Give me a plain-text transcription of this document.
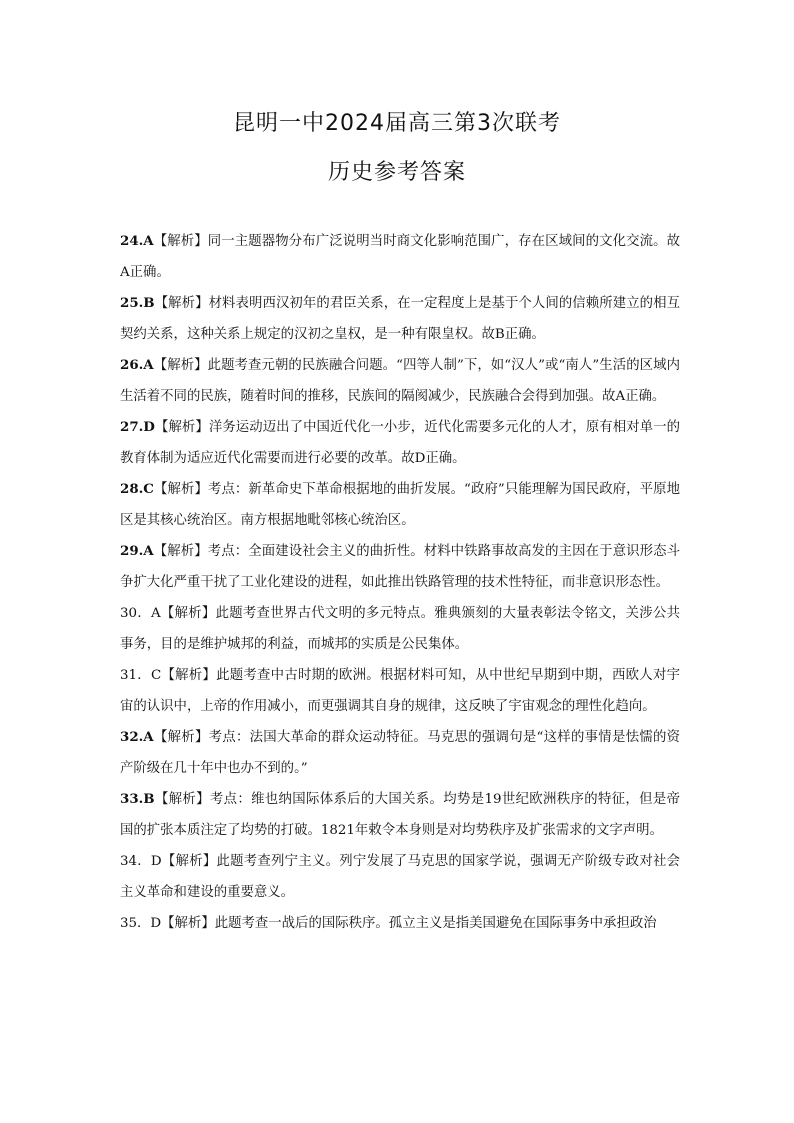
昆明一中2024届高三第3次联考
历史参考答案

24.A【解析】同一主题器物分布广泛说明当时商文化影响范围广，存在区域间的文化交流。故A正确。

25.B【解析】材料表明西汉初年的君臣关系，在一定程度上是基于个人间的信赖所建立的相互契约关系，这种关系上规定的汉初之皇权，是一种有限皇权。故B正确。

26.A【解析】此题考查元朝的民族融合问题。“四等人制”下，如“汉人”或“南人”生活的区域内生活着不同的民族，随着时间的推移，民族间的隔阂减少，民族融合会得到加强。故A正确。

27.D【解析】洋务运动迈出了中国近代化一小步，近代化需要多元化的人才，原有相对单一的教育体制为适应近代化需要而进行必要的改革。故D正确。

28.C【解析】考点：新革命史下革命根据地的曲折发展。“政府”只能理解为国民政府，平原地区是其核心统治区。南方根据地毗邻核心统治区。

29.A【解析】考点：全面建设社会主义的曲折性。材料中铁路事故高发的主因在于意识形态斗争扩大化严重干扰了工业化建设的进程，如此推出铁路管理的技术性特征，而非意识形态性。

30．A【解析】此题考查世界古代文明的多元特点。雅典颁刻的大量表彰法令铭文，关涉公共事务，目的是维护城邦的利益，而城邦的实质是公民集体。

31．C【解析】此题考查中古时期的欧洲。根据材料可知，从中世纪早期到中期，西欧人对宇宙的认识中，上帝的作用减小，而更强调其自身的规律，这反映了宇宙观念的理性化趋向。

32.A【解析】考点：法国大革命的群众运动特征。马克思的强调句是“这样的事情是怯懦的资产阶级在几十年中也办不到的。”

33.B【解析】考点：维也纳国际体系后的大国关系。均势是19世纪欧洲秩序的特征，但是帝国的扩张本质注定了均势的打破。1821年敕令本身则是对均势秩序及扩张需求的文字声明。

34．D【解析】此题考查列宁主义。列宁发展了马克思的国家学说，强调无产阶级专政对社会主义革命和建设的重要意义。

35．D【解析】此题考查一战后的国际秩序。孤立主义是指美国避免在国际事务中承担政治
